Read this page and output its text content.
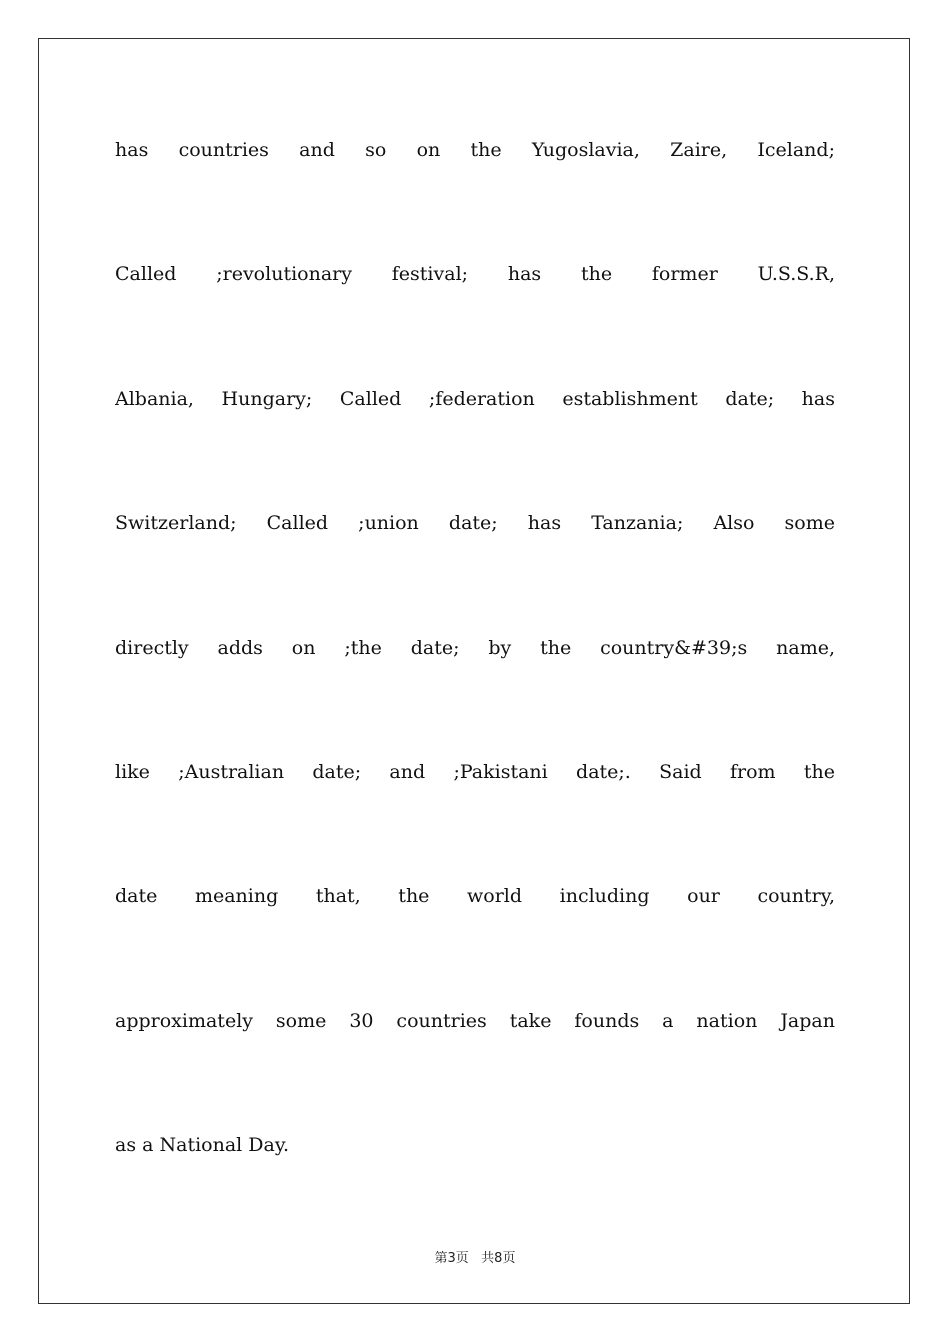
has countries and so on the Yugoslavia, Zaire, Iceland;
Called ;revolutionary festival; has the former U.S.S.R,
Albania, Hungary; Called ;federation establishment date; has
Switzerland; Called ;union date; has Tanzania; Also some
directly adds on ;the date; by the country&#39;s name,
like ;Australian date; and ;Pakistani date;. Said from the
date meaning that, the world including our country,
approximately some 30 countries take founds a nation Japan
as a National Day.
第3页   共8页
